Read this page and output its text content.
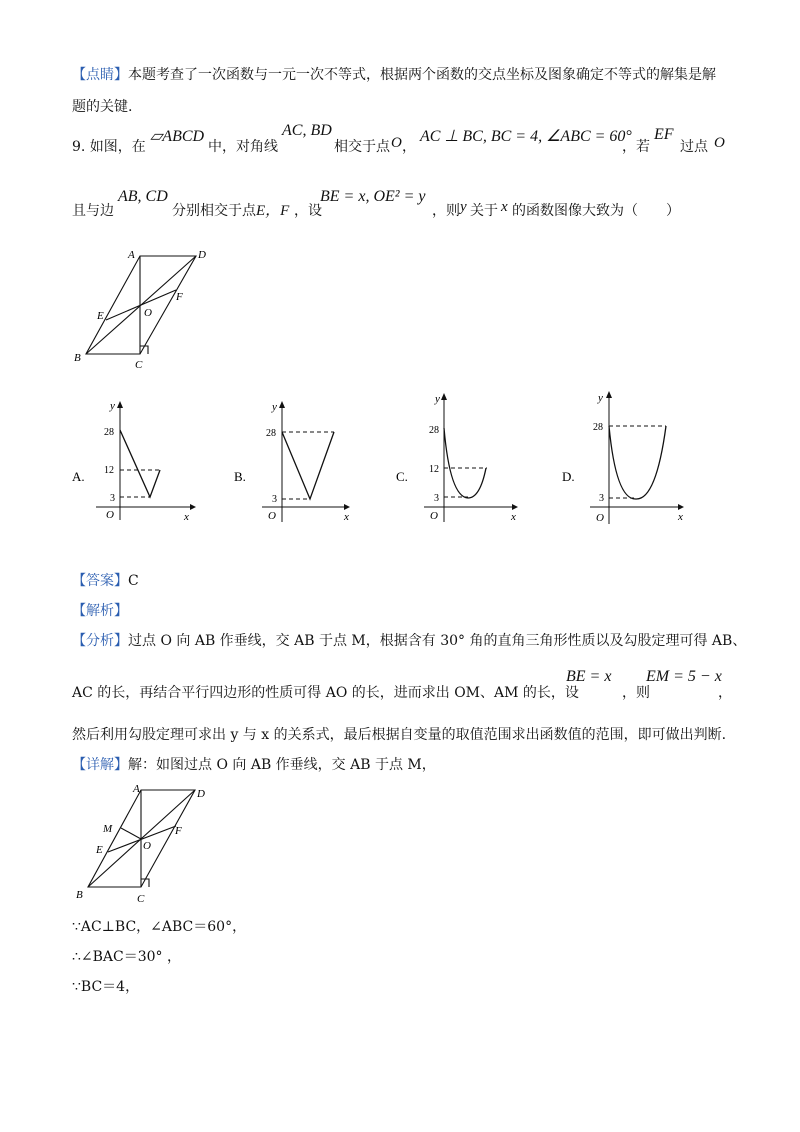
【点睛】本题考查了一次函数与一元一次不等式，根据两个函数的交点坐标及图象确定不等式的解集是解
题的关键.
9. 如图，在
▱ABCD
中，对角线
AC, BD
相交于点 O ，
AC ⊥ BC, BC = 4, ∠ABC = 60°
，若
EF
过点 O
且与边
AB, CD
分别相交于点 E，F ，设
BE = x, OE² = y
，则 y 关于 x 的函数图像大致为（　　）
A	D
B
C
E
F
O
A.
y
x
O
28
12
3
B.
y
x
O
28
3
C.
y
x
O
28
12
3
D.
y
x
O
28
3
【答案】C
【解析】
【分析】过点 O 向 AB 作垂线，交 AB 于点 M，根据含有 30° 角的直角三角形性质以及勾股定理可得 AB、
AC 的长，再结合平行四边形的性质可得 AO 的长，进而求出 OM、AM 的长，设
BE = x
，则
EM = 5 − x
，
然后利用勾股定理可求出 y 与 x 的关系式，最后根据自变量的取值范围求出函数值的范围，即可做出判断.
【详解】解：如图过点 O 向 AB 作垂线，交 AB 于点 M，
A	D
B	C
M
E
F
O
∵AC⊥BC，∠ABC＝60°，
∴∠BAC＝30° ，
∵BC＝4，
